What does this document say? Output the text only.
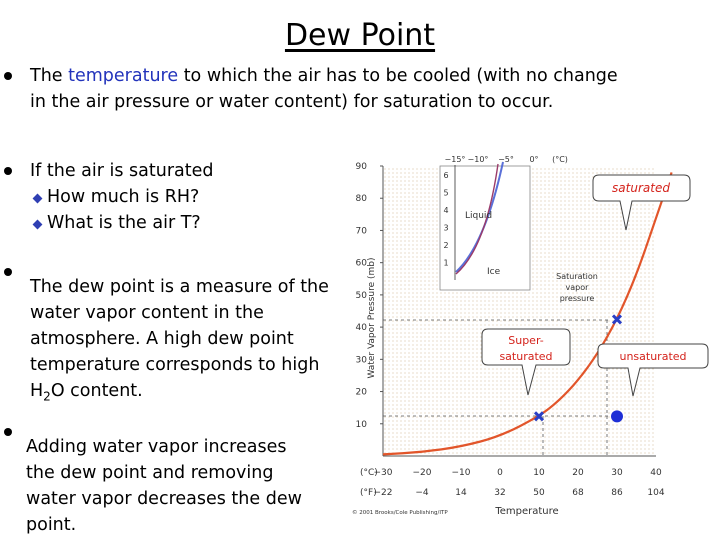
Dew Point
The temperature to which the air has to be cooled (with no change in the air pressure or water content) for saturation to occur.
If the air is saturated
How much is RH?
What is the air T?
The dew point is a measure of the water vapor content in the atmosphere. A high dew point temperature corresponds to high $H_2O$ content.
Adding water vapor increases the dew point and removing water vapor decreases the dew point.
90
80
70
60
50
40
30
20
10
(°C)
−30 −20 −10	0	10	20	30	40
(°F)
−22	−4	14	32	50	68	86	104
Water Vapor Pressure (mb)
Temperature
© 2001 Brooks/Cole Publishing/ITP
−15° −10° −5° 0° (°C)
6
5
4
3
2
1
Liquid
Ice	Saturation
vapor
pressure
saturated
Super-
saturated	unsaturated
